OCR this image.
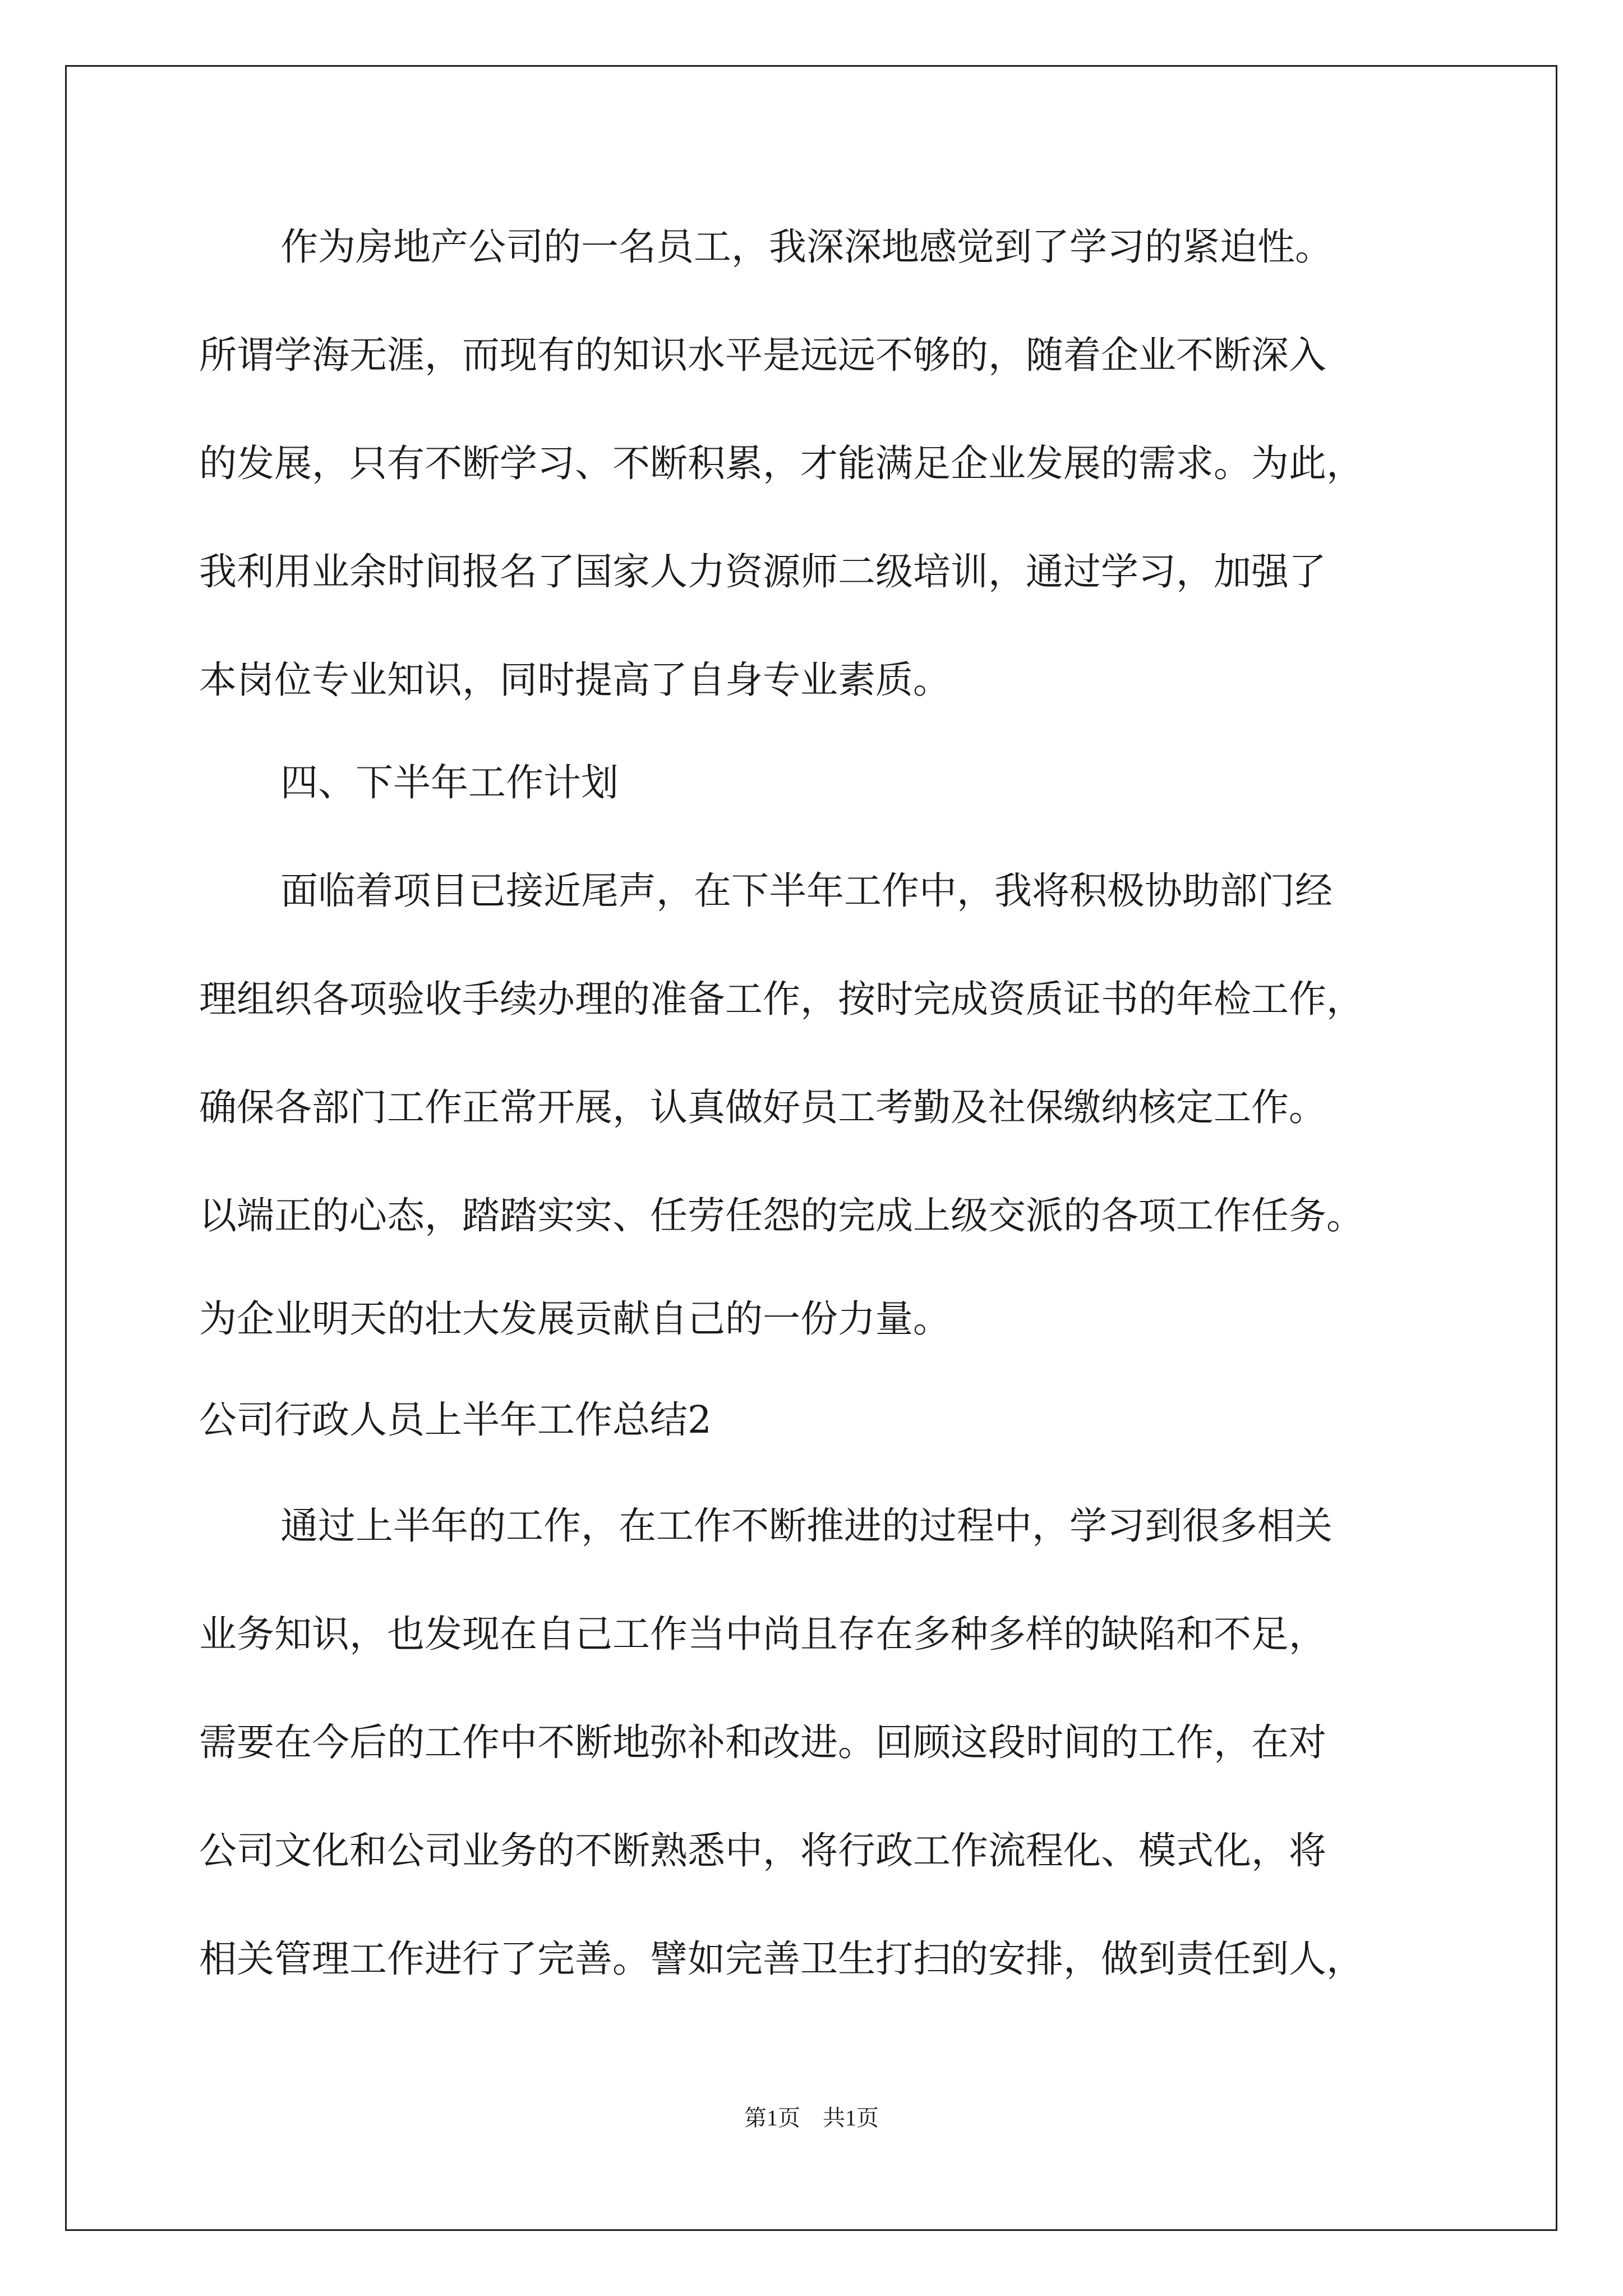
作为房地产公司的一名员工，我深深地感觉到了学习的紧迫性。

所谓学海无涯，而现有的知识水平是远远不够的，随着企业不断深入

的发展，只有不断学习、不断积累，才能满足企业发展的需求。为此，

我利用业余时间报名了国家人力资源师二级培训，通过学习，加强了

本岗位专业知识，同时提高了自身专业素质。

四、下半年工作计划

面临着项目已接近尾声，在下半年工作中，我将积极协助部门经

理组织各项验收手续办理的准备工作，按时完成资质证书的年检工作，

确保各部门工作正常开展，认真做好员工考勤及社保缴纳核定工作。

以端正的心态，踏踏实实、任劳任怨的完成上级交派的各项工作任务。

为企业明天的壮大发展贡献自己的一份力量。

公司行政人员上半年工作总结2

通过上半年的工作，在工作不断推进的过程中，学习到很多相关

业务知识，也发现在自己工作当中尚且存在多种多样的缺陷和不足，

需要在今后的工作中不断地弥补和改进。回顾这段时间的工作，在对

公司文化和公司业务的不断熟悉中，将行政工作流程化、模式化，将

相关管理工作进行了完善。譬如完善卫生打扫的安排，做到责任到人，

第1页　共1页
